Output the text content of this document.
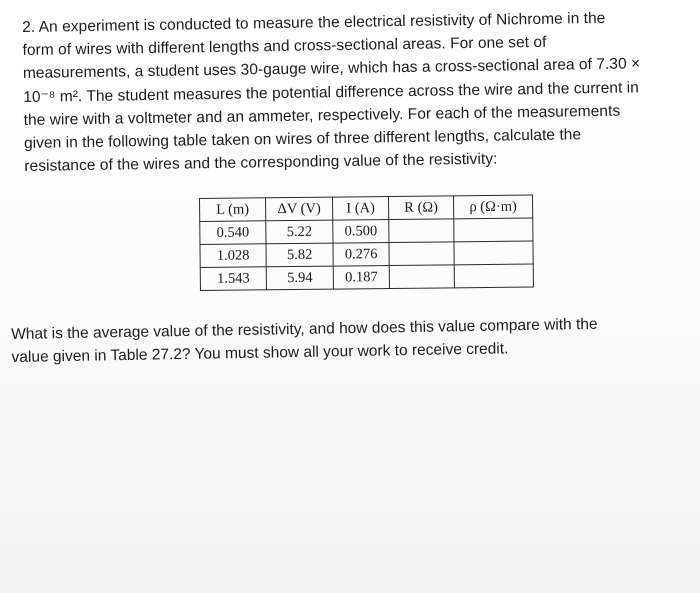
2. An experiment is conducted to measure the electrical resistivity of Nichrome in the
form of wires with different lengths and cross-sectional areas. For one set of
measurements, a student uses 30-gauge wire, which has a cross-sectional area of 7.30 ×
10⁻⁸ m². The student measures the potential difference across the wire and the current in
the wire with a voltmeter and an ammeter, respectively. For each of the measurements
given in the following table taken on wires of three different lengths, calculate the
resistance of the wires and the corresponding value of the resistivity:
L (m)	ΔV (V)	I (A)	R (Ω)	ρ (Ω·m)
0.540	5.22	0.500		
1.028	5.82	0.276		
1.543	5.94	0.187		
What is the average value of the resistivity, and how does this value compare with the
value given in Table 27.2? You must show all your work to receive credit.
